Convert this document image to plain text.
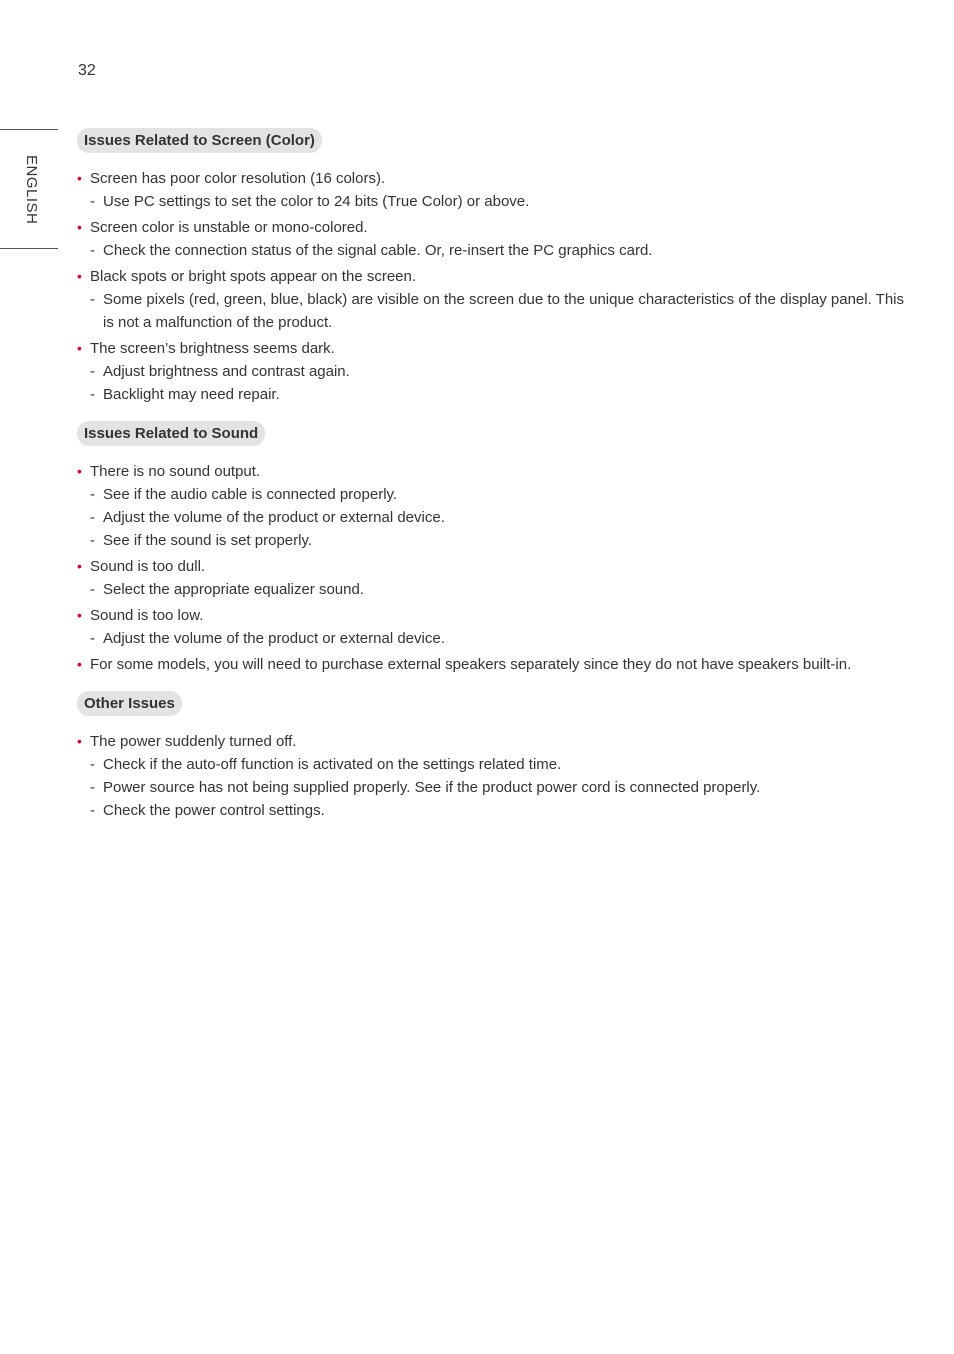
32
ENGLISH
Issues Related to Screen (Color)
• Screen has poor color resolution (16 colors).
- Use PC settings to set the color to 24 bits (True Color) or above.
• Screen color is unstable or mono-colored.
- Check the connection status of the signal cable. Or, re-insert the PC graphics card.
• Black spots or bright spots appear on the screen.
- Some pixels (red, green, blue, black) are visible on the screen due to the unique characteristics of the display panel. This is not a malfunction of the product.
• The screen’s brightness seems dark.
- Adjust brightness and contrast again.
- Backlight may need repair.
Issues Related to Sound
• There is no sound output.
- See if the audio cable is connected properly.
- Adjust the volume of the product or external device.
- See if the sound is set properly.
• Sound is too dull.
- Select the appropriate equalizer sound.
• Sound is too low.
- Adjust the volume of the product or external device.
• For some models, you will need to purchase external speakers separately since they do not have speakers built-in.
Other Issues
• The power suddenly turned off.
- Check if the auto-off function is activated on the settings related time.
- Power source has not being supplied properly. See if the product power cord is connected properly.
- Check the power control settings.
